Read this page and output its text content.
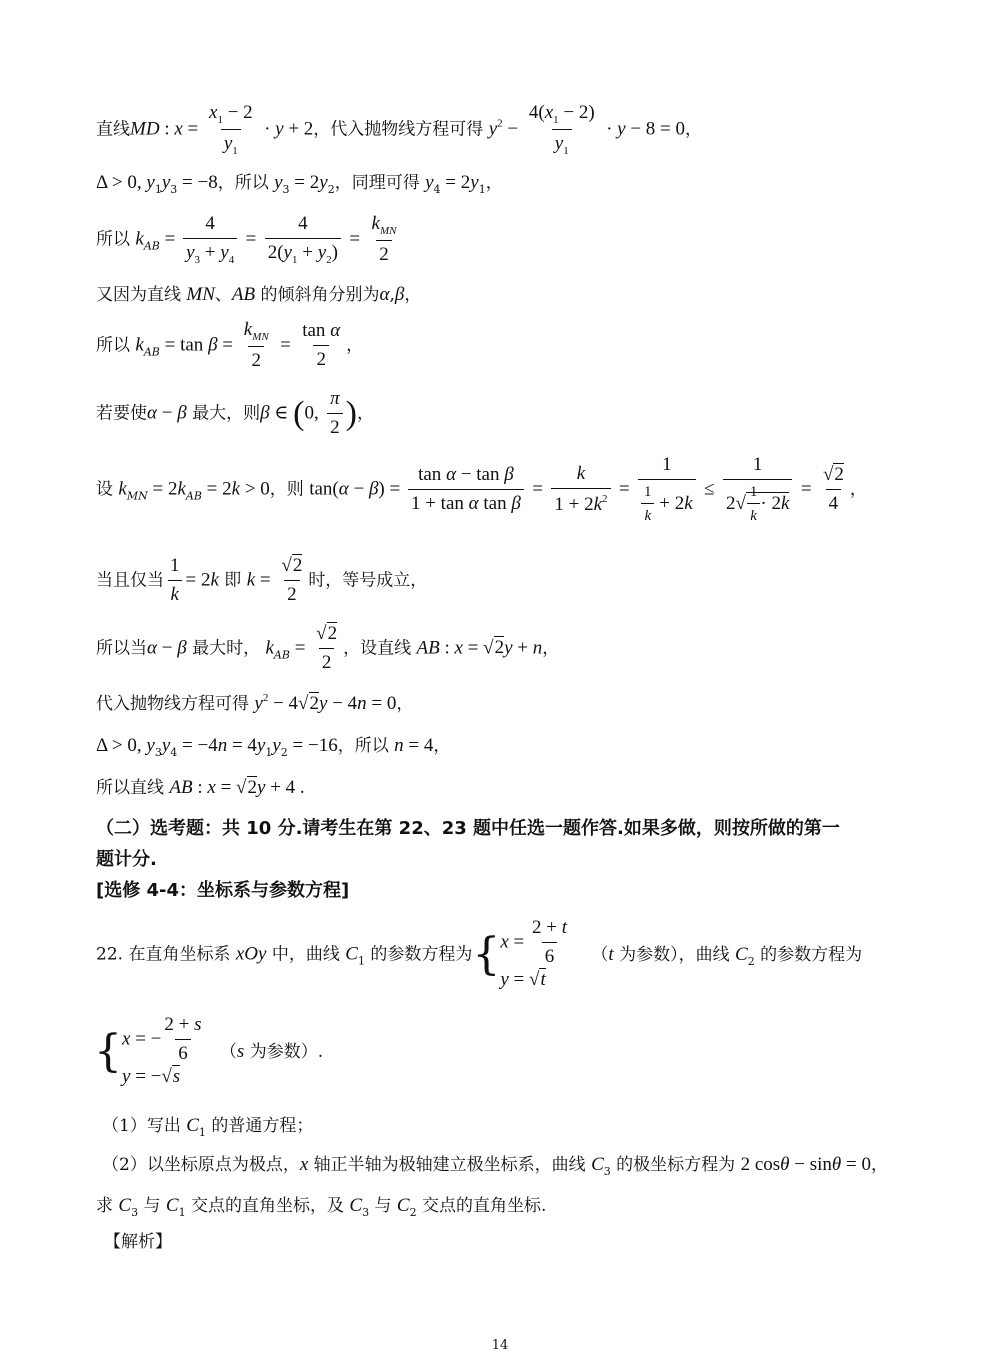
直线MD : $x = \frac{x_1 - 2}{y_1} \cdot y + 2$，代入抛物线方程可得 $y^2 - \frac{4(x_1 - 2)}{y_1} \cdot y - 8 = 0$，
Δ > 0, $y_1y_3 = -8$，所以 $y_3 = 2y_2$，同理可得 $y_4 = 2y_1$，
所以 $k_{AB} = \frac{4}{y_3 + y_4} = \frac{4}{2(y_1 + y_2)} = \frac{k_{MN}}{2}$
又因为直线 MN、AB 的倾斜角分别为α,β，
所以 $k_{AB} = \tan \beta = \frac{k_{MN}}{2} = \frac{\text{tan α}}{2}$ ，
若要使α − β 最大，则β ∈ (0, $\frac{\pi}{2}$ )，
设 $k_{MN} = 2k_{AB} = 2k > 0$，则 $\tan(\alpha - \beta) = \frac{\text{tan α − tan β}}{\text{1 + tan α tan β}} = \frac{k}{1 + 2k^2} = \frac{1}{\frac{1}{k} + 2k} \le \frac{1}{2√ \frac{1}{k} \cdot 2k} = \frac{√2}{4}$ ，
当且仅当 $\frac{1}{k} = 2k$ 即 $k = \frac{√2}{2}$ 时，等号成立，
所以当α − β 最大时， $k_{AB} = \frac{√2}{2}$ ，设直线 AB : x = √2y + n，
代入抛物线方程可得 $y^2 - 4√2y - 4n = 0$，
Δ > 0, $y_3y_4 = -4n = 4y_1y_2 = -16$，所以 n = 4，
所以直线 AB : x = √2y + 4 .
（二）选考题：共 10 分.请考生在第 22、23 题中任选一题作答.如果多做，则按所做的第一
题计分.
[选修 4-4：坐标系与参数方程]
22. 在直角坐标系 xOy 中，曲线 $C_1$ 的参数方程为{ $x = \frac{2 + t}{6}$
y = √t
（t 为参数），曲线 $C_2$ 的参数方程为
{ x = − $\frac{2 + s}{6}$
y = −√s
（s 为参数）.
（1）写出 $C_1$ 的普通方程；
（2）以坐标原点为极点，x 轴正半轴为极轴建立极坐标系，曲线 $C_3$ 的极坐标方程为 2 cosθ − sinθ = 0，
求 $C_3$ 与 $C_1$ 交点的直角坐标，及 $C_3$ 与 $C_2$ 交点的直角坐标.
【解析】
14
